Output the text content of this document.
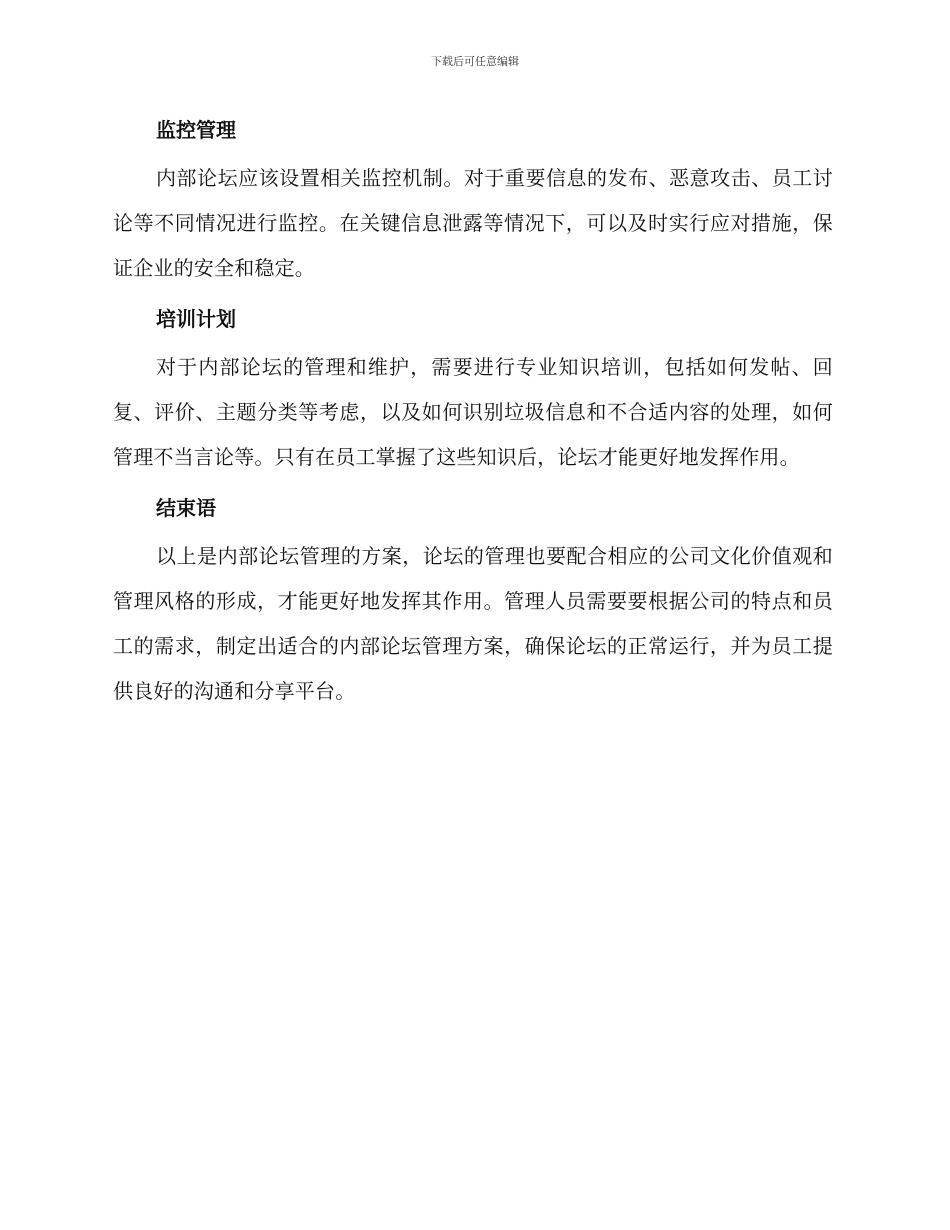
下载后可任意编辑
监控管理

内部论坛应该设置相关监控机制。对于重要信息的发布、恶意攻击、员工讨论等不同情况进行监控。在关键信息泄露等情况下，可以及时实行应对措施，保证企业的安全和稳定。

培训计划

对于内部论坛的管理和维护，需要进行专业知识培训，包括如何发帖、回复、评价、主题分类等考虑，以及如何识别垃圾信息和不合适内容的处理，如何管理不当言论等。只有在员工掌握了这些知识后，论坛才能更好地发挥作用。

结束语

以上是内部论坛管理的方案，论坛的管理也要配合相应的公司文化价值观和管理风格的形成，才能更好地发挥其作用。管理人员需要要根据公司的特点和员工的需求，制定出适合的内部论坛管理方案，确保论坛的正常运行，并为员工提供良好的沟通和分享平台。
